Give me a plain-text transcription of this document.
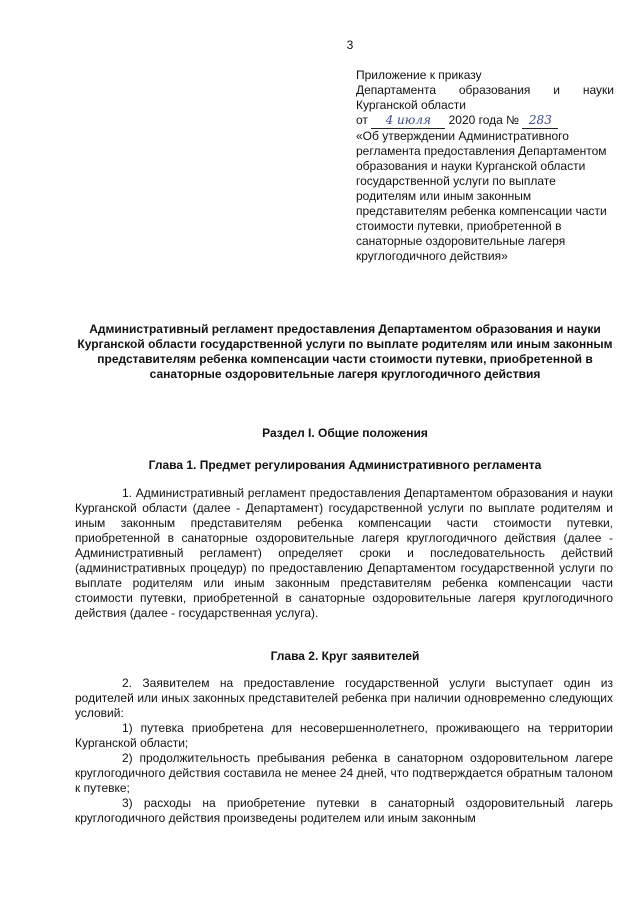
3
Приложение к приказу
Департамента образования и науки
Курганской области
от 4 июля 2020 года № 283

«Об утверждении Административного регламента предоставления Департаментом образования и науки Курганской области государственной услуги по выплате родителям или иным законным представителям ребенка компенсации части стоимости путевки, приобретенной в санаторные оздоровительные лагеря круглогодичного действия»

Административный регламент предоставления Департаментом образования и науки Курганской области государственной услуги по выплате родителям или иным законным представителям ребенка компенсации части стоимости путевки, приобретенной в санаторные оздоровительные лагеря круглогодичного действия
Раздел I. Общие положения
Глава 1. Предмет регулирования Административного регламента

1. Административный регламент предоставления Департаментом образования и науки Курганской области (далее - Департамент) государственной услуги по выплате родителям и иным законным представителям ребенка компенсации части стоимости путевки, приобретенной в санаторные оздоровительные лагеря круглогодичного действия (далее - Административный регламент) определяет сроки и последовательность действий (административных процедур) по предоставлению Департаментом государственной услуги по выплате родителям или иным законным представителям ребенка компенсации части стоимости путевки, приобретенной в санаторные оздоровительные лагеря круглогодичного действия (далее - государственная услуга).

Глава 2. Круг заявителей

2. Заявителем на предоставление государственной услуги выступает один из родителей или иных законных представителей ребенка при наличии одновременно следующих условий:

1) путевка приобретена для несовершеннолетнего, проживающего на территории Курганской области;

2) продолжительность пребывания ребенка в санаторном оздоровительном лагере круглогодичного действия составила не менее 24 дней, что подтверждается обратным талоном к путевке;

3) расходы на приобретение путевки в санаторный оздоровительный лагерь круглогодичного действия произведены родителем или иным законным
